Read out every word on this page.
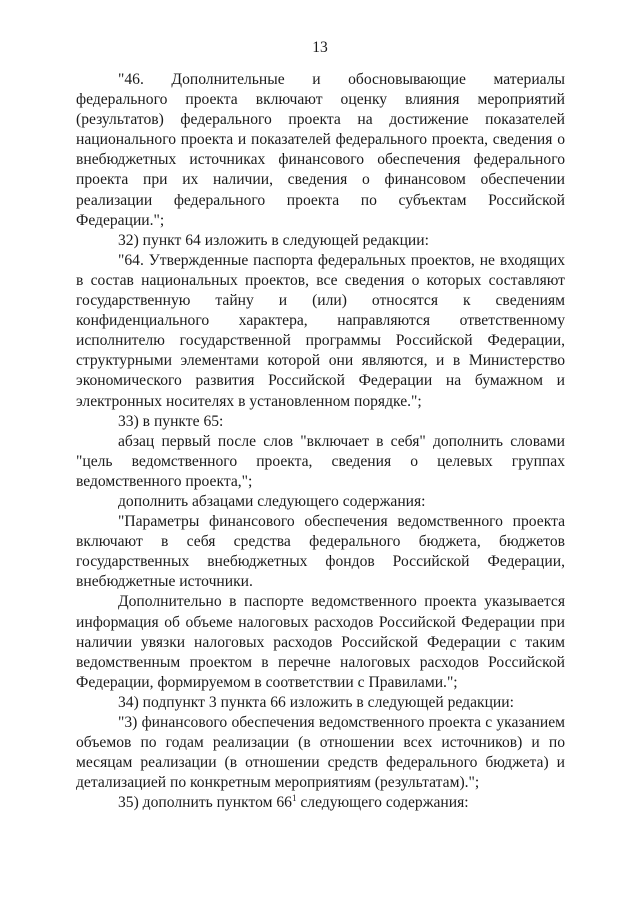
13

"46. Дополнительные и обосновывающие материалы федерального проекта включают оценку влияния мероприятий (результатов) федерального проекта на достижение показателей национального проекта и показателей федерального проекта, сведения о внебюджетных источниках финансового обеспечения федерального проекта при их наличии, сведения о финансовом обеспечении реализации федерального проекта по субъектам Российской Федерации.";

32) пункт 64 изложить в следующей редакции:

"64. Утвержденные паспорта федеральных проектов, не входящих в состав национальных проектов, все сведения о которых составляют государственную тайну и (или) относятся к сведениям конфиденциального характера, направляются ответственному исполнителю государственной программы Российской Федерации, структурными элементами которой они являются, и в Министерство экономического развития Российской Федерации на бумажном и электронных носителях в установленном порядке.";

33) в пункте 65:

абзац первый после слов "включает в себя" дополнить словами "цель ведомственного проекта, сведения о целевых группах ведомственного проекта,";

дополнить абзацами следующего содержания:

"Параметры финансового обеспечения ведомственного проекта включают в себя средства федерального бюджета, бюджетов государственных внебюджетных фондов Российской Федерации, внебюджетные источники.

Дополнительно в паспорте ведомственного проекта указывается информация об объеме налоговых расходов Российской Федерации при наличии увязки налоговых расходов Российской Федерации с таким ведомственным проектом в перечне налоговых расходов Российской Федерации, формируемом в соответствии с Правилами.";

34) подпункт 3 пункта 66 изложить в следующей редакции:

"3) финансового обеспечения ведомственного проекта с указанием объемов по годам реализации (в отношении всех источников) и по месяцам реализации (в отношении средств федерального бюджета) и детализацией по конкретным мероприятиям (результатам).";

35) дополнить пунктом $66^1$ следующего содержания:
